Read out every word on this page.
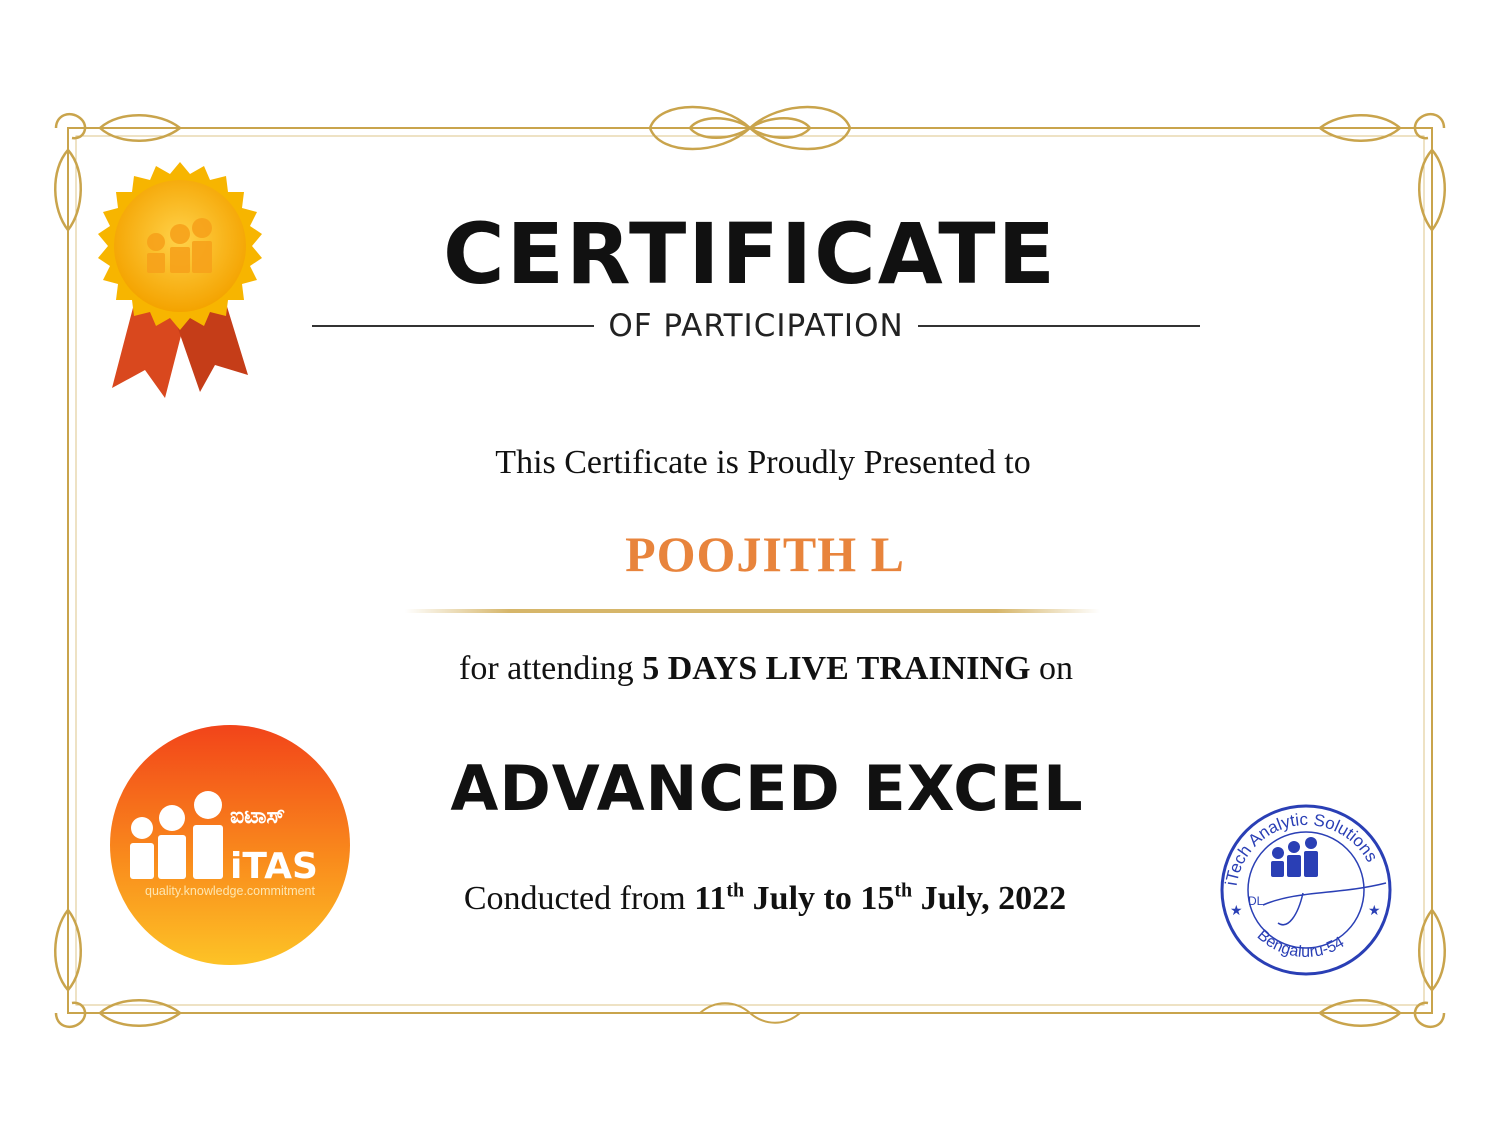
CERTIFICATE
OF PARTICIPATION
This Certificate is Proudly Presented to
POOJITH L
for attending 5 DAYS LIVE TRAINING on
ADVANCED EXCEL
Conducted from 11th July to 15th July, 2022
ಐಟಾಸ್
iTAS
quality.knowledge.commitment
iTech Analytic Solutions
Bengaluru-54
★	★
DL
